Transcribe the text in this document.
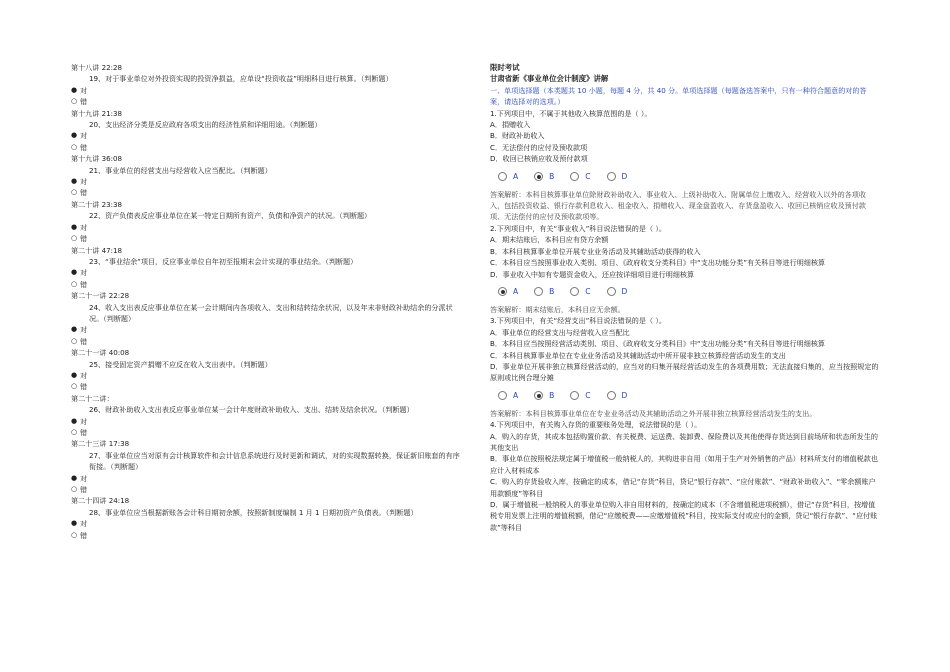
第十八讲 22:28
19、对于事业单位对外投资实现的投资净损益，应单设“投资收益”明细科目进行核算。（判断题）
● 对
○ 错
第十九讲 21:38
20、支出经济分类是反应政府各项支出的经济性质和详细用途。（判断题）
● 对
○ 错
第十九讲 36:08
21、事业单位的经营支出与经营收入应当配比。（判断题）
● 对
○ 错
第二十讲 23:38
22、资产负债表反应事业单位在某一特定日期所有资产、负债和净资产的状况。（判断题）
● 对
○ 错
第二十讲 47:18
23、“事业结余”项目，反应事业单位自年初至报期末会计实现的事业结余。（判断题）
● 对
○ 错
第二十一讲 22:28
24、收入支出表反应事业单位在某一会计期间内各项收入、支出和结转结余状况，以及年末非财政补助结余的分派状况。（判断题）
● 对
○ 错
第二十一讲 40:08
25、接受固定资产捐赠不应反在收入支出表中。（判断题）
● 对
○ 错
第二十二讲：
26、财政补助收入支出表反应事业单位某一会计年度财政补助收入、支出、结转及结余状况。（判断题）
● 对
○ 错
第二十三讲 17:38
27、事业单位应当对原有会计核算软件和会计信息系统进行及时更新和调试，对的实现数据转换，保证新旧账套的有序衔接。（判断题）
● 对
○ 错
第二十四讲 24:18
28、事业单位应当根据新账各会计科目期初余额，按照新制度编制 1 月 1 日期初资产负债表。（判断题）
● 对
○ 错
限时考试
甘肃省新《事业单位会计制度》讲解
一、单项选择题（本类题共 10 小题，每题 4 分，共 40 分。单项选择题（每题备选答案中，只有一种符合题意的对的答案，请选择对的选项。）
1.下列项目中，不属于其他收入核算范围的是（ ）。
A．捐赠收入
B．财政补助收入
C．无法偿付的应付及预收款项
D．收回已核销应收及预付款项
A	B	C	D
答案解析：本科目核算事业单位除财政补助收入、事业收入、上级补助收入、附属单位上缴收入、经营收入以外的各项收入，包括投资收益、银行存款利息收入、租金收入、捐赠收入、现金盘盈收入、存货盘盈收入、收回已核销应收及预付款项、无法偿付的应付及预收款项等。
2.下列项目中，有关“事业收入”科目说法错误的是（ ）。
A．期末结账后，本科目应有贷方余额
B．本科目核算事业单位开展专业业务活动及其辅助活动获得的收入
C．本科目应当按照事业收入类别、项目、《政府收支分类科目》中“支出功能分类”有关科目等进行明细核算
D．事业收入中如有专题资金收入，还应按详细项目进行明细核算
A	B	C	D
答案解析：期末结账后，本科目应无余额。
3.下列项目中，有关“经营支出”科目说法错误的是（ ）。
A．事业单位的经营支出与经营收入应当配比
B．本科目应当按照经营活动类别、项目、《政府收支分类科目》中“支出功能分类”有关科目等进行明细核算
C．本科目核算事业单位在专业业务活动及其辅助活动中所开展非独立核算经营活动发生的支出
D．事业单位开展非独立核算经营活动的，应当对的归集开展经营活动发生的各项费用数；无法直接归集的，应当按照规定的原则或比例合理分摊
A	B	C	D
答案解析：本科目核算事业单位在专业业务活动及其辅助活动之外开展非独立核算经营活动发生的支出。
4.下列项目中，有关购入存货的重要账务处理，说法错误的是（ ）。
A．购入的存货，其成本包括购置价款、有关税费、运送费、装卸费、保险费以及其他使得存货达到目前场所和状态所发生的其他支出
B．事业单位按照税法规定属于增值税一般纳税人的，其购进非自用（如用于生产对外销售的产品）材料所支付的增值税款也应计入材料成本
C．购入的存货验收入库，按确定的成本，借记“存货”科目，贷记“银行存款”、“应付账款”、“财政补助收入”、“零余额账户用款额度”等科目
D．属于增值税一般纳税人的事业单位购入非自用材料的，按确定的成本（不含增值税进项税额），借记“存货”科目，按增值税专用发票上注明的增值税额，借记“应缴税费——应缴增值税”科目，按实际支付或应付的金额，贷记“银行存款”、“应付账款”等科目
